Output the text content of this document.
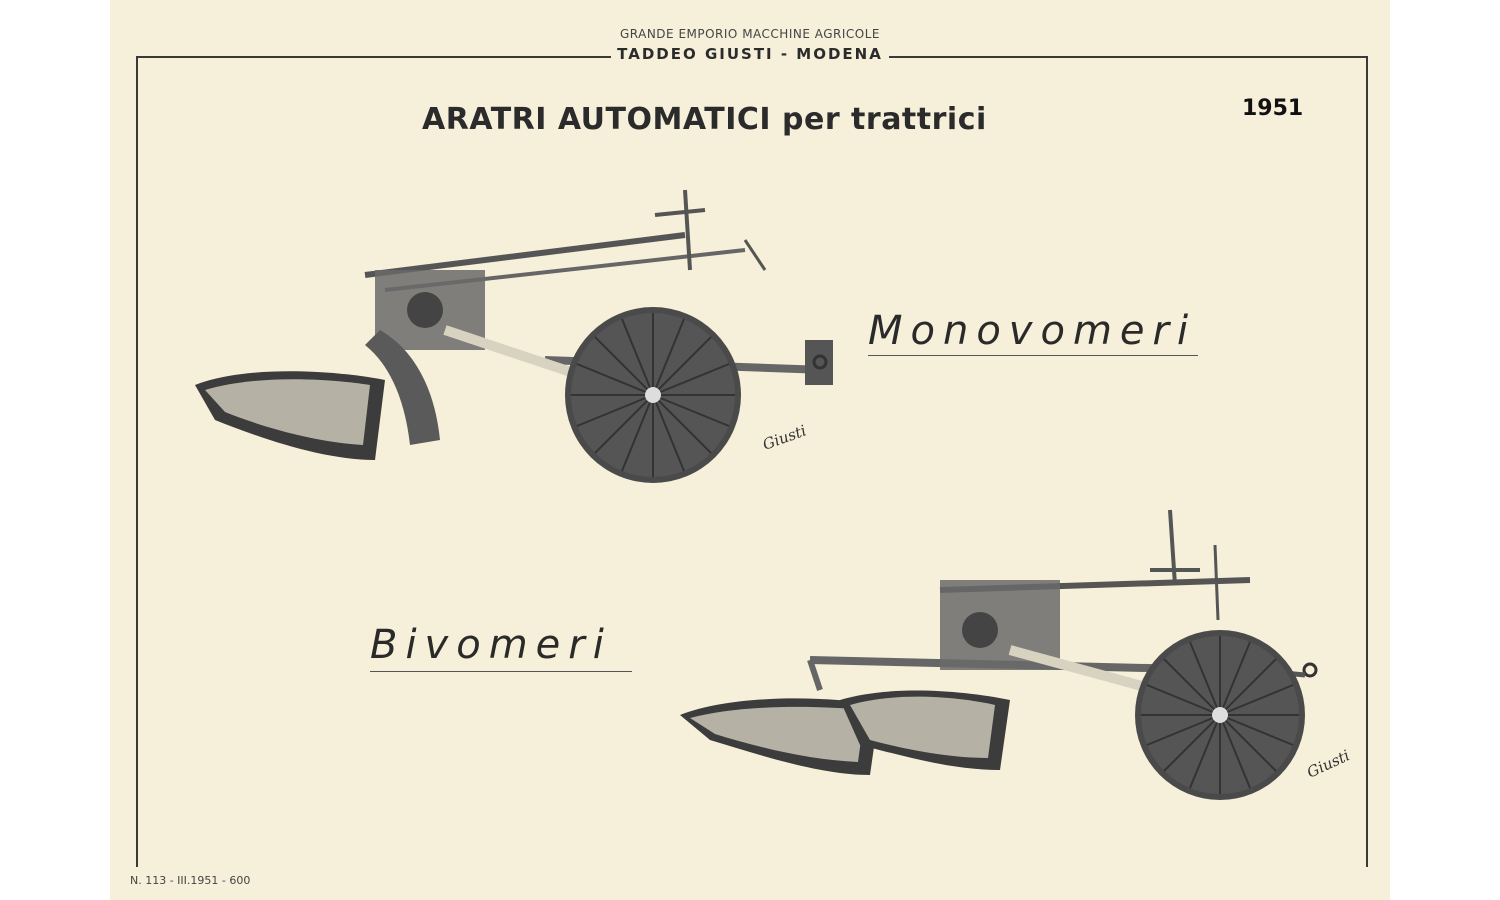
GRANDE EMPORIO MACCHINE AGRICOLE
TADDEO GIUSTI - MODENA
ARATRI AUTOMATICI per trattrici	1951
Giusti
Monovomeri
Giusti
Bivomeri
N. 113 - III.1951 - 600
